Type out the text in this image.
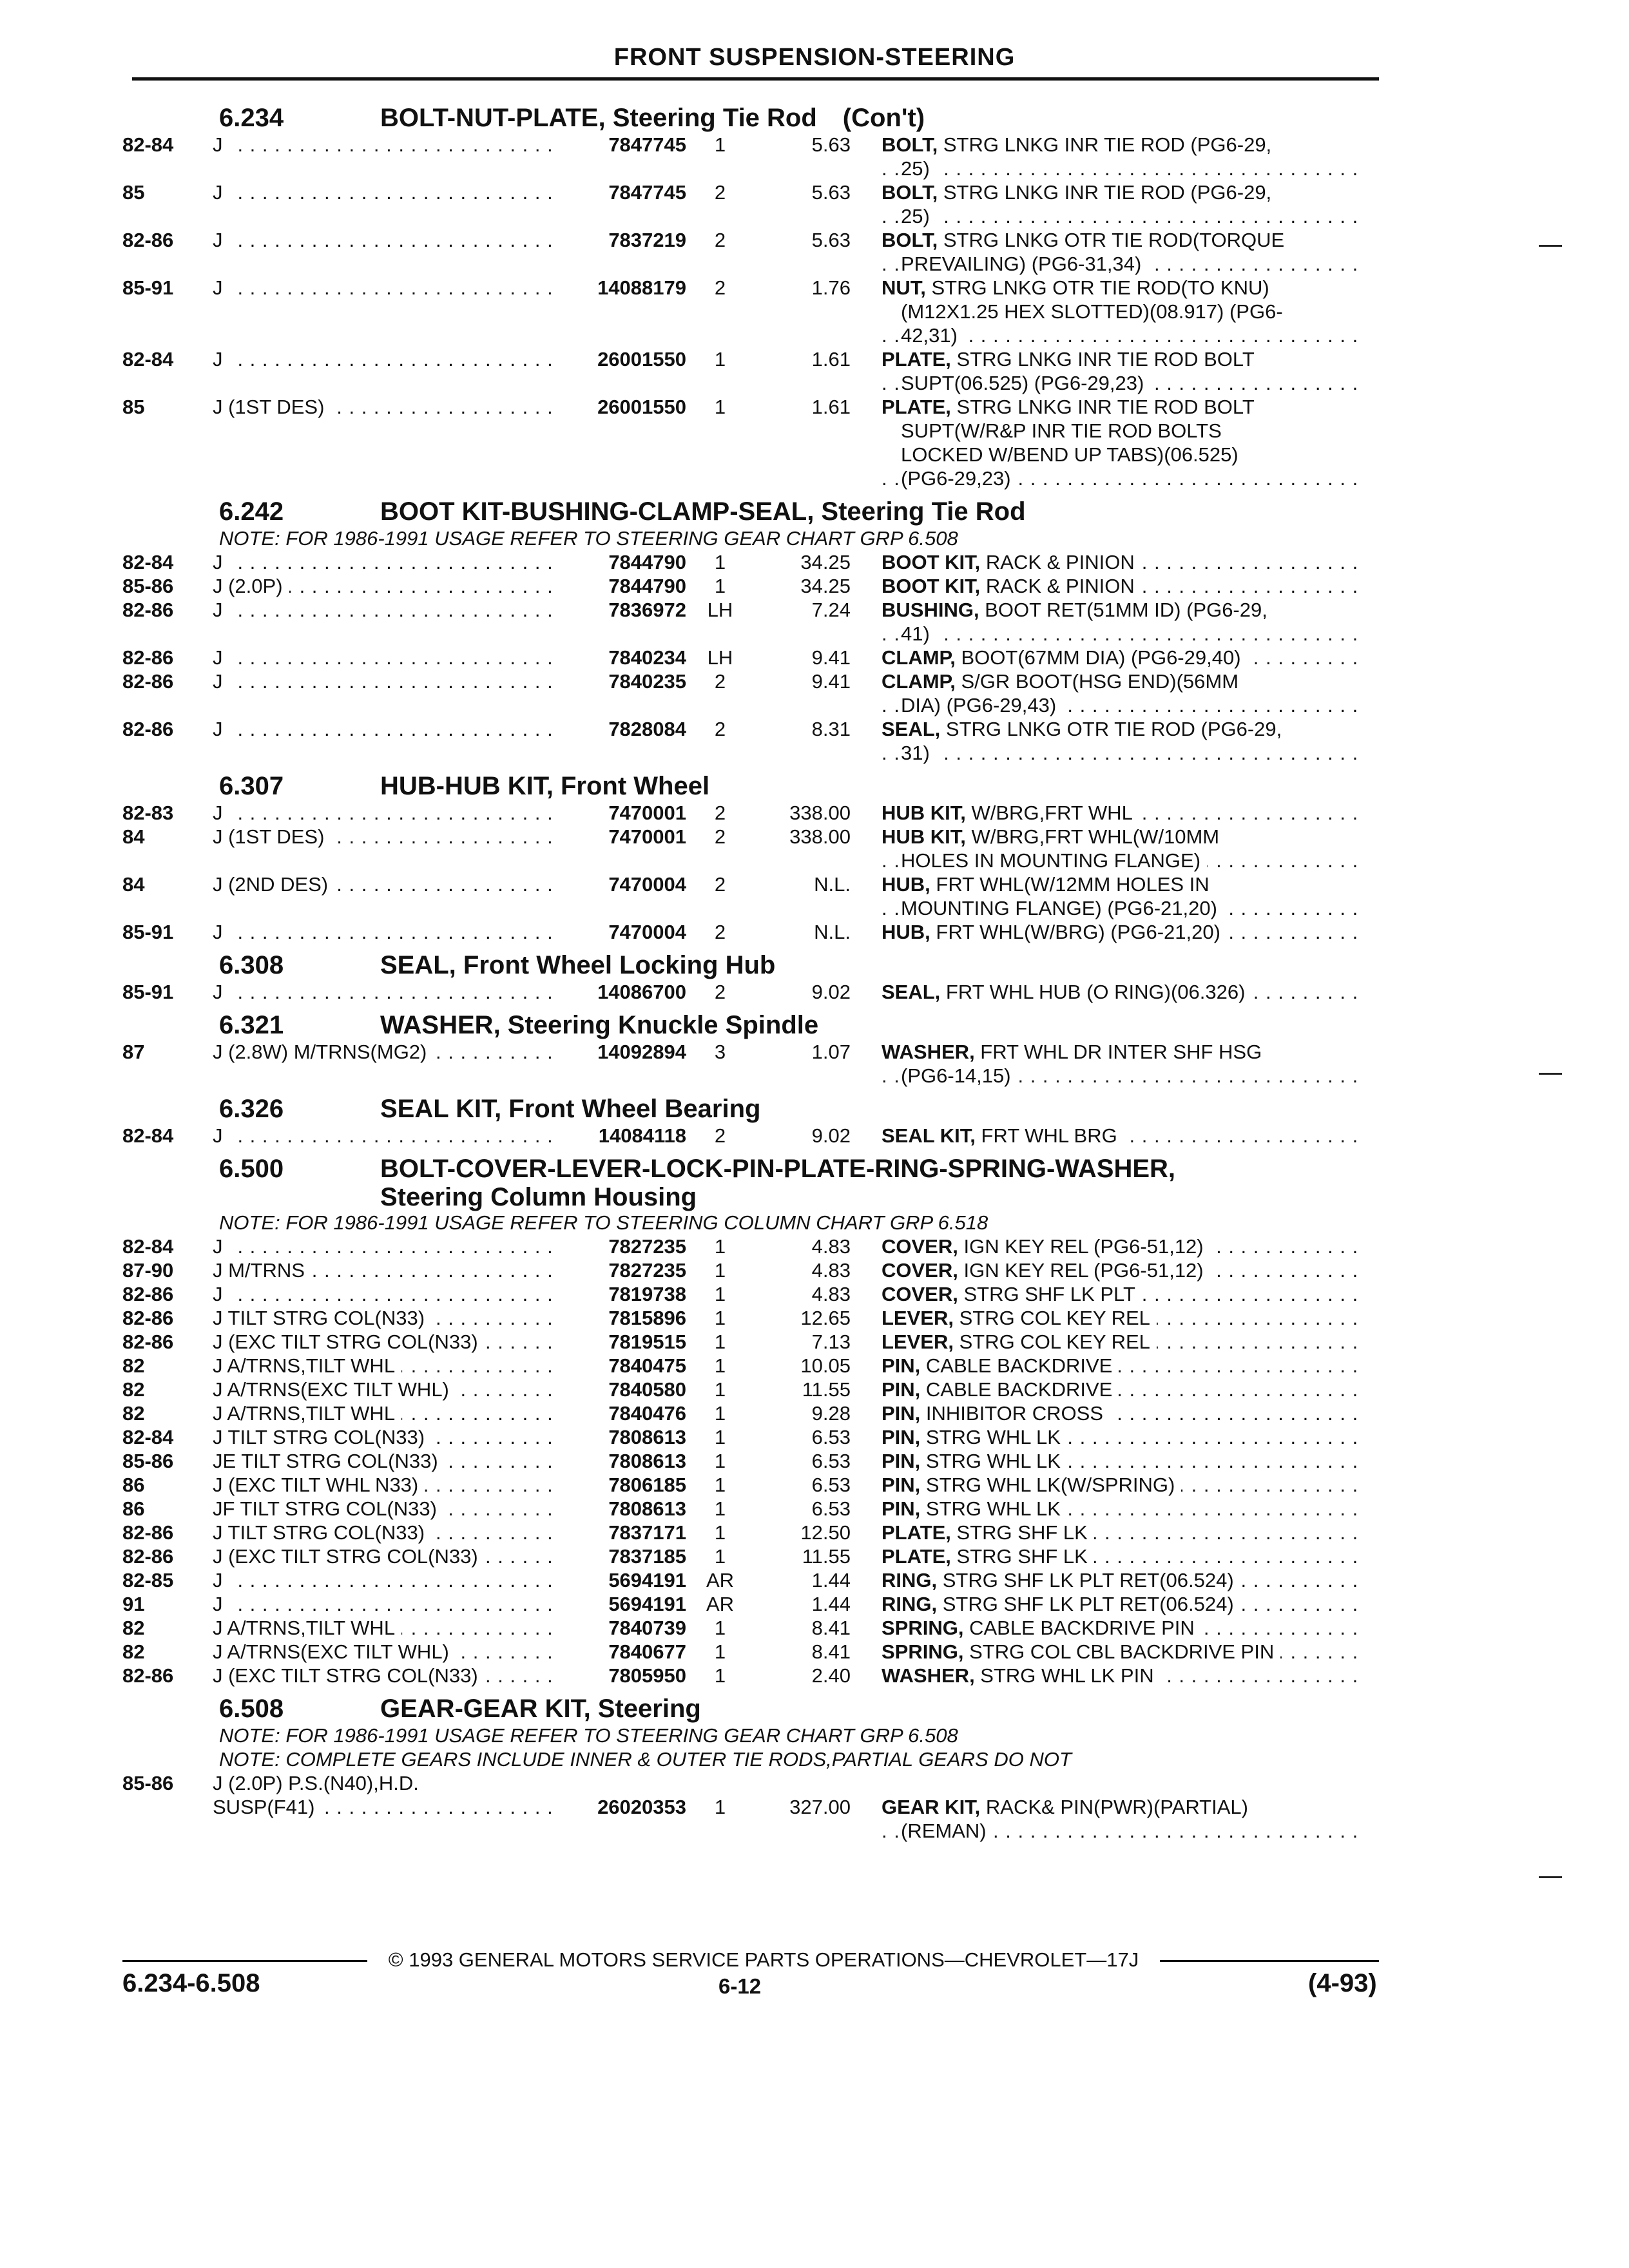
FRONT SUSPENSION-STEERING
6.234	BOLT-NUT-PLATE, Steering Tie Rod (Con't)
82-84	J . . .	7847745	1	5.63 BOLT, STRG LNKG INR TIE ROD (PG6-29,
25) . . .
85	J . . .	7847745	2	5.63 BOLT, STRG LNKG INR TIE ROD (PG6-29,
25) . . .
82-86	J . . .	7837219	2	5.63 BOLT, STRG LNKG OTR TIE ROD(TORQUE
PREVAILING) (PG6-31,34) . . .
85-91	J . . .	14088179	2	1.76 NUT, STRG LNKG OTR TIE ROD(TO KNU)
(M12X1.25 HEX SLOTTED)(08.917) (PG6-
42,31) . . .
82-84	J . . .	26001550	1	1.61 PLATE, STRG LNKG INR TIE ROD BOLT
SUPT(06.525) (PG6-29,23) . . .
85	J (1ST DES) . . .	26001550	1	1.61 PLATE, STRG LNKG INR TIE ROD BOLT
SUPT(W/R&P INR TIE ROD BOLTS
LOCKED W/BEND UP TABS)(06.525)
(PG6-29,23) . . .
6.242	BOOT KIT-BUSHING-CLAMP-SEAL, Steering Tie Rod
NOTE: FOR 1986-1991 USAGE REFER TO STEERING GEAR CHART GRP 6.508
82-84	J . . .	7844790	1	34.25 BOOT KIT, RACK & PINION . . .
85-86	J (2.0P) . . .	7844790	1	34.25 BOOT KIT, RACK & PINION . . .
82-86	J . . .	7836972	LH	7.24 BUSHING, BOOT RET(51MM ID) (PG6-29,
41) . . .
82-86	J . . .	7840234	LH	9.41 CLAMP, BOOT(67MM DIA) (PG6-29,40) . . .
82-86	J . . .	7840235	2	9.41 CLAMP, S/GR BOOT(HSG END)(56MM
DIA) (PG6-29,43) . . .
82-86	J . . .	7828084	2	8.31 SEAL, STRG LNKG OTR TIE ROD (PG6-29,
31) . . .
6.307	HUB-HUB KIT, Front Wheel
82-83	J . . .	7470001	2	338.00 HUB KIT, W/BRG,FRT WHL . . .
84	J (1ST DES) . . .	7470001	2	338.00 HUB KIT, W/BRG,FRT WHL(W/10MM
HOLES IN MOUNTING FLANGE) . . .
84	J (2ND DES) . . .	7470004	2	N.L. HUB, FRT WHL(W/12MM HOLES IN
MOUNTING FLANGE) (PG6-21,20) . . .
85-91	J . . .	7470004	2	N.L. HUB, FRT WHL(W/BRG) (PG6-21,20) . . .
6.308	SEAL, Front Wheel Locking Hub
85-91	J . . .	14086700	2	9.02 SEAL, FRT WHL HUB (O RING)(06.326) . . .
6.321	WASHER, Steering Knuckle Spindle
87	J (2.8W) M/TRNS(MG2) . . .	14092894	3	1.07 WASHER, FRT WHL DR INTER SHF HSG
(PG6-14,15) . . .
6.326	SEAL KIT, Front Wheel Bearing
82-84	J . . .	14084118	2	9.02 SEAL KIT, FRT WHL BRG . . .
6.500	BOLT-COVER-LEVER-LOCK-PIN-PLATE-RING-SPRING-WASHER,
Steering Column Housing
NOTE: FOR 1986-1991 USAGE REFER TO STEERING COLUMN CHART GRP 6.518
82-84	J . . .	7827235	1	4.83 COVER, IGN KEY REL (PG6-51,12) . . .
87-90	J M/TRNS . . .	7827235	1	4.83 COVER, IGN KEY REL (PG6-51,12) . . .
82-86	J . . .	7819738	1	4.83 COVER, STRG SHF LK PLT . . .
82-86	J TILT STRG COL(N33) . . .	7815896	1	12.65 LEVER, STRG COL KEY REL . . .
82-86	J (EXC TILT STRG COL(N33) . . .	7819515	1	7.13 LEVER, STRG COL KEY REL . . .
82	J A/TRNS,TILT WHL . . .	7840475	1	10.05 PIN, CABLE BACKDRIVE . . .
82	J A/TRNS(EXC TILT WHL) . . .	7840580	1	11.55 PIN, CABLE BACKDRIVE . . .
82	J A/TRNS,TILT WHL . . .	7840476	1	9.28 PIN, INHIBITOR CROSS . . .
82-84	J TILT STRG COL(N33) . . .	7808613	1	6.53 PIN, STRG WHL LK . . .
85-86	JE TILT STRG COL(N33) . . .	7808613	1	6.53 PIN, STRG WHL LK . . .
86	J (EXC TILT WHL N33) . . .	7806185	1	6.53 PIN, STRG WHL LK(W/SPRING) . . .
86	JF TILT STRG COL(N33) . . .	7808613	1	6.53 PIN, STRG WHL LK . . .
82-86	J TILT STRG COL(N33) . . .	7837171	1	12.50 PLATE, STRG SHF LK . . .
82-86	J (EXC TILT STRG COL(N33) . . .	7837185	1	11.55 PLATE, STRG SHF LK . . .
82-85	J . . .	5694191 AR	1.44 RING, STRG SHF LK PLT RET(06.524) . . .
91	J . . .	5694191 AR	1.44 RING, STRG SHF LK PLT RET(06.524) . . .
82	J A/TRNS,TILT WHL . . .	7840739	1	8.41 SPRING, CABLE BACKDRIVE PIN . . .
82	J A/TRNS(EXC TILT WHL) . . .	7840677	1	8.41 SPRING, STRG COL CBL BACKDRIVE PIN . . .
82-86	J (EXC TILT STRG COL(N33) . . .	7805950	1	2.40 WASHER, STRG WHL LK PIN . . .
6.508	GEAR-GEAR KIT, Steering
NOTE: FOR 1986-1991 USAGE REFER TO STEERING GEAR CHART GRP 6.508
NOTE: COMPLETE GEARS INCLUDE INNER & OUTER TIE RODS,PARTIAL GEARS DO NOT
85-86	J (2.0P) P.S.(N40),H.D.
SUSP(F41) . . .	26020353	1	327.00 GEAR KIT, RACK& PIN(PWR)(PARTIAL)
(REMAN) . . .
© 1993 GENERAL MOTORS SERVICE PARTS OPERATIONS—CHEVROLET—17J
6.234-6.508	6-12	(4-93)
